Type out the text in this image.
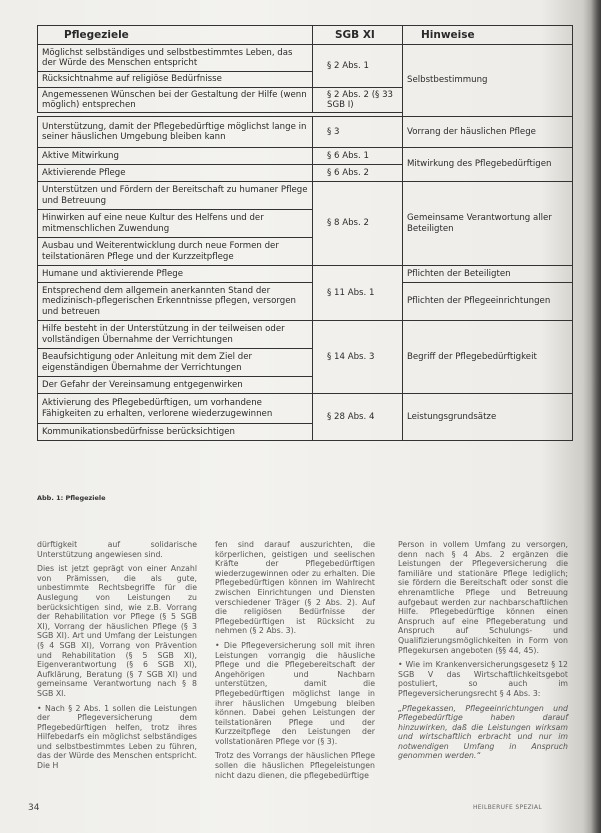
Pflegeziele	SGB XI	Hinweise
Möglichst selbständiges und selbstbestimmtes Leben, das der Würde des Menschen entspricht	§ 2 Abs. 1	Selbstbestimmung
Rücksichtnahme auf religiöse Bedürfnisse		
Angemessenen Wünschen bei der Gestaltung der Hilfe (wenn möglich) entsprechen	§ 2 Abs. 2 (§ 33 SGB I)	

Unterstützung, damit der Pflegebedürftige möglichst lange in seiner häuslichen Umgebung bleiben kann	§ 3	Vorrang der häuslichen Pflege
Aktive Mitwirkung	§ 6 Abs. 1	Mitwirkung des Pflegebedürftigen
Aktivierende Pflege	§ 6 Abs. 2	
Unterstützen und Fördern der Bereitschaft zu humaner Pflege und Betreuung	§ 8 Abs. 2	Gemeinsame Verantwortung aller Beteiligten
Hinwirken auf eine neue Kultur des Helfens und der mitmenschlichen Zuwendung		
Ausbau und Weiterentwicklung durch neue Formen der teilstationären Pflege und der Kurzzeitpflege		
Humane und aktivierende Pflege	§ 11 Abs. 1	Pflichten der Beteiligten
Entsprechend dem allgemein anerkannten Stand der medizinisch-pflegerischen Erkenntnisse pflegen, versorgen und betreuen		Pflichten der Pflegeeinrichtungen
Hilfe besteht in der Unterstützung in der teilweisen oder vollständigen Übernahme der Verrichtungen	§ 14 Abs. 3	Begriff der Pflegebedürftigkeit
Beaufsichtigung oder Anleitung mit dem Ziel der eigenständigen Übernahme der Verrichtungen		
Der Gefahr der Vereinsamung entgegenwirken		
Aktivierung des Pflegebedürftigen, um vorhandene Fähigkeiten zu erhalten, verlorene wiederzugewinnen	§ 28 Abs. 4	Leistungsgrundsätze
Kommunikationsbedürfnisse berücksichtigen		
Abb. 1: Pflegeziele

dürftigkeit auf solidarische Unterstützung angewiesen sind.

Dies ist jetzt geprägt von einer Anzahl von Prämissen, die als gute, unbestimmte Rechtsbegriffe für die Auslegung von Leistungen zu berücksichtigen sind, wie z.B. Vorrang der Rehabilitation vor Pflege (§ 5 SGB XI), Vorrang der häuslichen Pflege (§ 3 SGB XI). Art und Umfang der Leistungen (§ 4 SGB XI), Vorrang von Prävention und Rehabilitation (§ 5 SGB XI), Eigenverantwortung (§ 6 SGB XI), Aufklärung, Beratung (§ 7 SGB XI) und gemeinsame Verantwortung nach § 8 SGB XI.

• Nach § 2 Abs. 1 sollen die Leistungen der Pflegeversicherung dem Pflegebedürftigen helfen, trotz ihres Hilfebedarfs ein möglichst selbständiges und selbstbestimmtes Leben zu führen, das der Würde des Menschen entspricht. Die H

fen sind darauf auszurichten, die körperlichen, geistigen und seelischen Kräfte der Pflegebedürftigen wiederzugewinnen oder zu erhalten. Die Pflegebedürftigen können im Wahlrecht zwischen Einrichtungen und Diensten verschiedener Träger (§ 2 Abs. 2). Auf die religiösen Bedürfnisse der Pflegebedürftigen ist Rücksicht zu nehmen (§ 2 Abs. 3).

• Die Pflegeversicherung soll mit ihren Leistungen vorrangig die häusliche Pflege und die Pflegebereitschaft der Angehörigen und Nachbarn unterstützen, damit die Pflegebedürftigen möglichst lange in ihrer häuslichen Umgebung bleiben können. Dabei gehen Leistungen der teilstationären Pflege und der Kurzzeitpflege den Leistungen der vollstationären Pflege vor (§ 3).

Trotz des Vorrangs der häuslichen Pflege sollen die häuslichen Pflegeleistungen nicht dazu dienen, die pflegebedürftige

Person in vollem Umfang zu versorgen, denn nach § 4 Abs. 2 ergänzen die Leistungen der Pflegeversicherung die familiäre und stationäre Pflege lediglich; sie fördern die Bereitschaft oder sonst die ehrenamtliche Pflege und Betreuung aufgebaut werden zur nachbarschaftlichen Hilfe. Pflegebedürftige können einen Anspruch auf eine Pflegeberatung und Anspruch auf Schulungs- und Qualifizierungsmöglichkeiten in Form von Pflegekursen angeboten (§§ 44, 45).

• Wie im Krankenversicherungsgesetz § 12 SGB V das Wirtschaftlichkeitsgebot postuliert, so auch im Pflegeversicherungsrecht § 4 Abs. 3:

„Pflegekassen, Pflegeeinrichtungen und Pflegebedürftige haben darauf hinzuwirken, daß die Leistungen wirksam und wirtschaftlich erbracht und nur im notwendigen Umfang in Anspruch genommen werden.“

34	HEILBERUFE SPEZIAL
